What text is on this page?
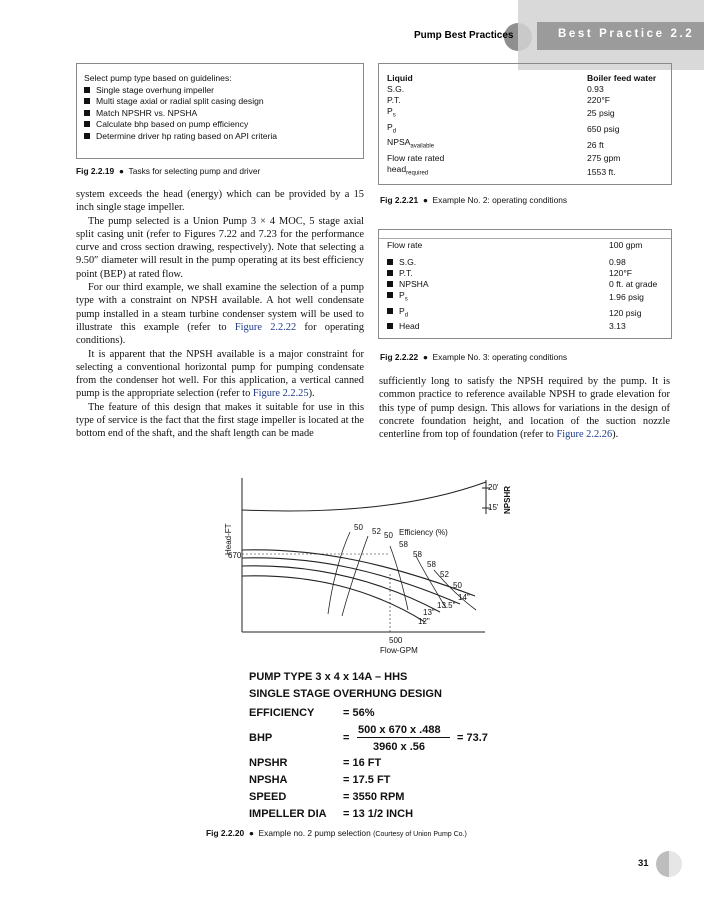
Pump Best Practices	Best Practice 2.2
Select pump type based on guidelines:
Single stage overhung impeller
Multi stage axial or radial split casing design
Match NPSHR vs. NPSHA
Calculate bhp based on pump efficiency
Determine driver hp rating based on API criteria
Fig 2.2.19  ●  Tasks for selecting pump and driver
Liquid	Boiler feed water
S.G.	0.93
P.T.	220°F
$P_s$	25 psig
$P_d$	650 psig
$NPSA_{available}$	26 ft
Flow rate rated	275 gpm
head$_{required}$	1553 ft.
Fig 2.2.21  ●  Example No. 2: operating conditions
Flow rate	100 gpm

S.G.	0.98
P.T.	120°F
NPSHA	0 ft. at grade
$P_s$	1.96 psig
$P_d$	120 psig
Head	3.13
Fig 2.2.22  ●  Example No. 3: operating conditions

system exceeds the head (energy) which can be provided by a 15 inch single stage impeller.

The pump selected is a Union Pump 3 × 4 MOC, 5 stage axial split casing unit (refer to Figures 7.22 and 7.23 for the performance curve and cross section drawing, respectively). Note that selecting a 9.50″ diameter will result in the pump operating at its best efficiency point (BEP) at rated flow.

For our third example, we shall examine the selection of a pump type with a constraint on NPSH available. A hot well condensate pump installed in a steam turbine condenser system will be used to illustrate this example (refer to Figure 2.2.22 for operating conditions).

It is apparent that the NPSH available is a major constraint for selecting a conventional horizontal pump for pumping condensate from the condenser hot well. For this application, a vertical canned pump is the appropriate selection (refer to Figure 2.2.25).

The feature of this design that makes it suitable for use in this type of service is the fact that the first stage impeller is located at the bottom end of the shaft, and the shaft length can be made

sufficiently long to satisfy the NPSH required by the pump. It is common practice to reference available NPSH to grade elevation for this type of pump design. This allows for variations in the design of concrete foundation height, and location of the suction nozzle centerline from top of foundation (refer to Figure 2.2.26).

Head-FT
670
500
Flow-GPM
20'
15' NPSHR
Efficiency (%)
50 52 50
58
58
58
52
50
14"
13.5"
13"
12"
PUMP TYPE 3 x 4 x 14A – HHS
SINGLE STAGE OVERHUNG DESIGN
EFFICIENCY	= 56%
BHP	=
500 x 670 x .488
3960 x .56
= 73.7
NPSHR	= 16 FT
NPSHA	= 17.5 FT
SPEED	= 3550 RPM
IMPELLER DIA = 13 1/2 INCH
Fig 2.2.20  ●  Example no. 2 pump selection (Courtesy of Union Pump Co.)
31
